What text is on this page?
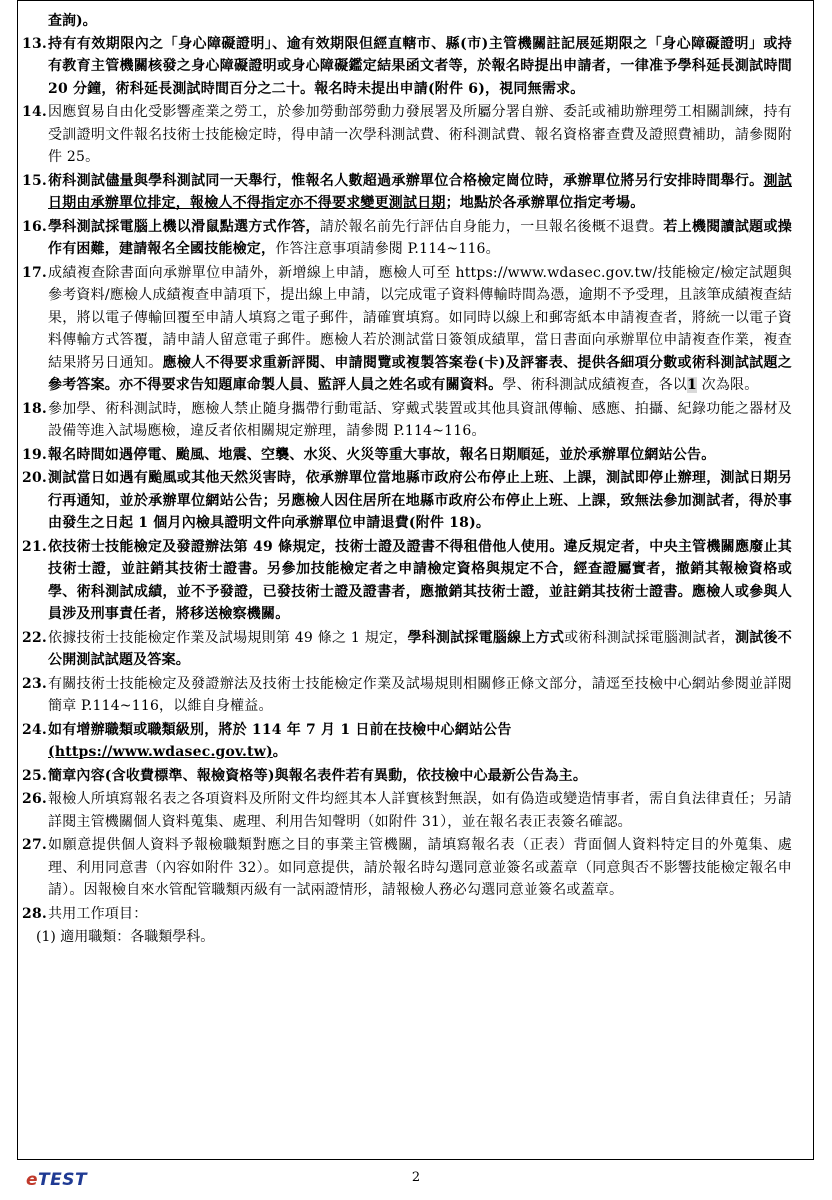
查詢)。
13. 持有有效期限內之「身心障礙證明」、逾有效期限但經直轄市、縣(市)主管機關註記展延期限之「身心障礙證明」或持有教育主管機關核發之身心障礙證明或身心障礙鑑定結果函文者等，於報名時提出申請者，一律准予學科延長測試時間 20 分鐘，術科延長測試時間百分之二十。報名時未提出申請(附件 6)，視同無需求。
14. 因應貿易自由化受影響產業之勞工，於參加勞動部勞動力發展署及所屬分署自辦、委託或補助辦理勞工相關訓練，持有受訓證明文件報名技術士技能檢定時，得申請一次學科測試費、術科測試費、報名資格審查費及證照費補助，請參閱附件 25。
15. 術科測試儘量與學科測試同一天舉行，惟報名人數超過承辦單位合格檢定崗位時，承辦單位將另行安排時間舉行。測試日期由承辦單位排定，報檢人不得指定亦不得要求變更測試日期；地點於各承辦單位指定考場。
16. 學科測試採電腦上機以滑鼠點選方式作答，請於報名前先行評估自身能力，一旦報名後概不退費。若上機閱讀試題或操作有困難，建請報名全國技能檢定，作答注意事項請參閱 P.114~116。
17. 成績複查除書面向承辦單位申請外，新增線上申請，應檢人可至 https://www.wdasec.gov.tw/技能檢定/檢定試題與參考資料/應檢人成績複查申請項下，提出線上申請，以完成電子資料傳輸時間為憑，逾期不予受理，且該筆成績複查結果，將以電子傳輸回覆至申請人填寫之電子郵件，請確實填寫。如同時以線上和郵寄紙本申請複查者，將統一以電子資料傳輸方式答覆，請申請人留意電子郵件。應檢人若於測試當日簽領成績單，當日書面向承辦單位申請複查作業，複查結果將另日通知。應檢人不得要求重新評閱、申請閱覽或複製答案卷(卡)及評審表、提供各細項分數或術科測試試題之參考答案。亦不得要求告知題庫命製人員、監評人員之姓名或有關資料。學、術科測試成績複查，各以1 次為限。
18. 參加學、術科測試時，應檢人禁止隨身攜帶行動電話、穿戴式裝置或其他具資訊傳輸、感應、拍攝、紀錄功能之器材及設備等進入試場應檢，違反者依相關規定辦理，請參閱 P.114~116。
19. 報名時間如遇停電、颱風、地震、空襲、水災、火災等重大事故，報名日期順延，並於承辦單位網站公告。
20. 測試當日如遇有颱風或其他天然災害時，依承辦單位當地縣市政府公布停止上班、上課，測試即停止辦理，測試日期另行再通知，並於承辦單位網站公告；另應檢人因住居所在地縣市政府公布停止上班、上課，致無法參加測試者，得於事由發生之日起 1 個月內檢具證明文件向承辦單位申請退費(附件 18)。
21. 依技術士技能檢定及發證辦法第 49 條規定，技術士證及證書不得租借他人使用。違反規定者，中央主管機關應廢止其技術士證，並註銷其技術士證書。另參加技能檢定者之申請檢定資格與規定不合，經查證屬實者，撤銷其報檢資格或學、術科測試成績，並不予發證，已發技術士證及證書者，應撤銷其技術士證，並註銷其技術士證書。應檢人或參與人員涉及刑事責任者，將移送檢察機關。
22. 依據技術士技能檢定作業及試場規則第 49 條之 1 規定，學科測試採電腦線上方式或術科測試採電腦測試者，測試後不公開測試試題及答案。
23. 有關技術士技能檢定及發證辦法及技術士技能檢定作業及試場規則相關修正條文部分，請逕至技檢中心網站參閱並詳閱簡章 P.114~116，以維自身權益。
24. 如有增辦職類或職類級別，將於 114 年 7 月 1 日前在技檢中心網站公告
(https://www.wdasec.gov.tw)。
25. 簡章內容(含收費標準、報檢資格等)與報名表件若有異動，依技檢中心最新公告為主。
26. 報檢人所填寫報名表之各項資料及所附文件均經其本人詳實核對無誤，如有偽造或變造情事者，需自負法律責任；另請詳閱主管機關個人資料蒐集、處理、利用告知聲明（如附件 31），並在報名表正表簽名確認。
27. 如願意提供個人資料予報檢職類對應之目的事業主管機關，請填寫報名表（正表）背面個人資料特定目的外蒐集、處理、利用同意書（內容如附件 32）。如同意提供，請於報名時勾選同意並簽名或蓋章（同意與否不影響技能檢定報名申請）。因報檢自來水管配管職類丙級有一試兩證情形，請報檢人務必勾選同意並簽名或蓋章。
28. 共用工作項目：
(1) 適用職類：各職類學科。
eTEST	2
